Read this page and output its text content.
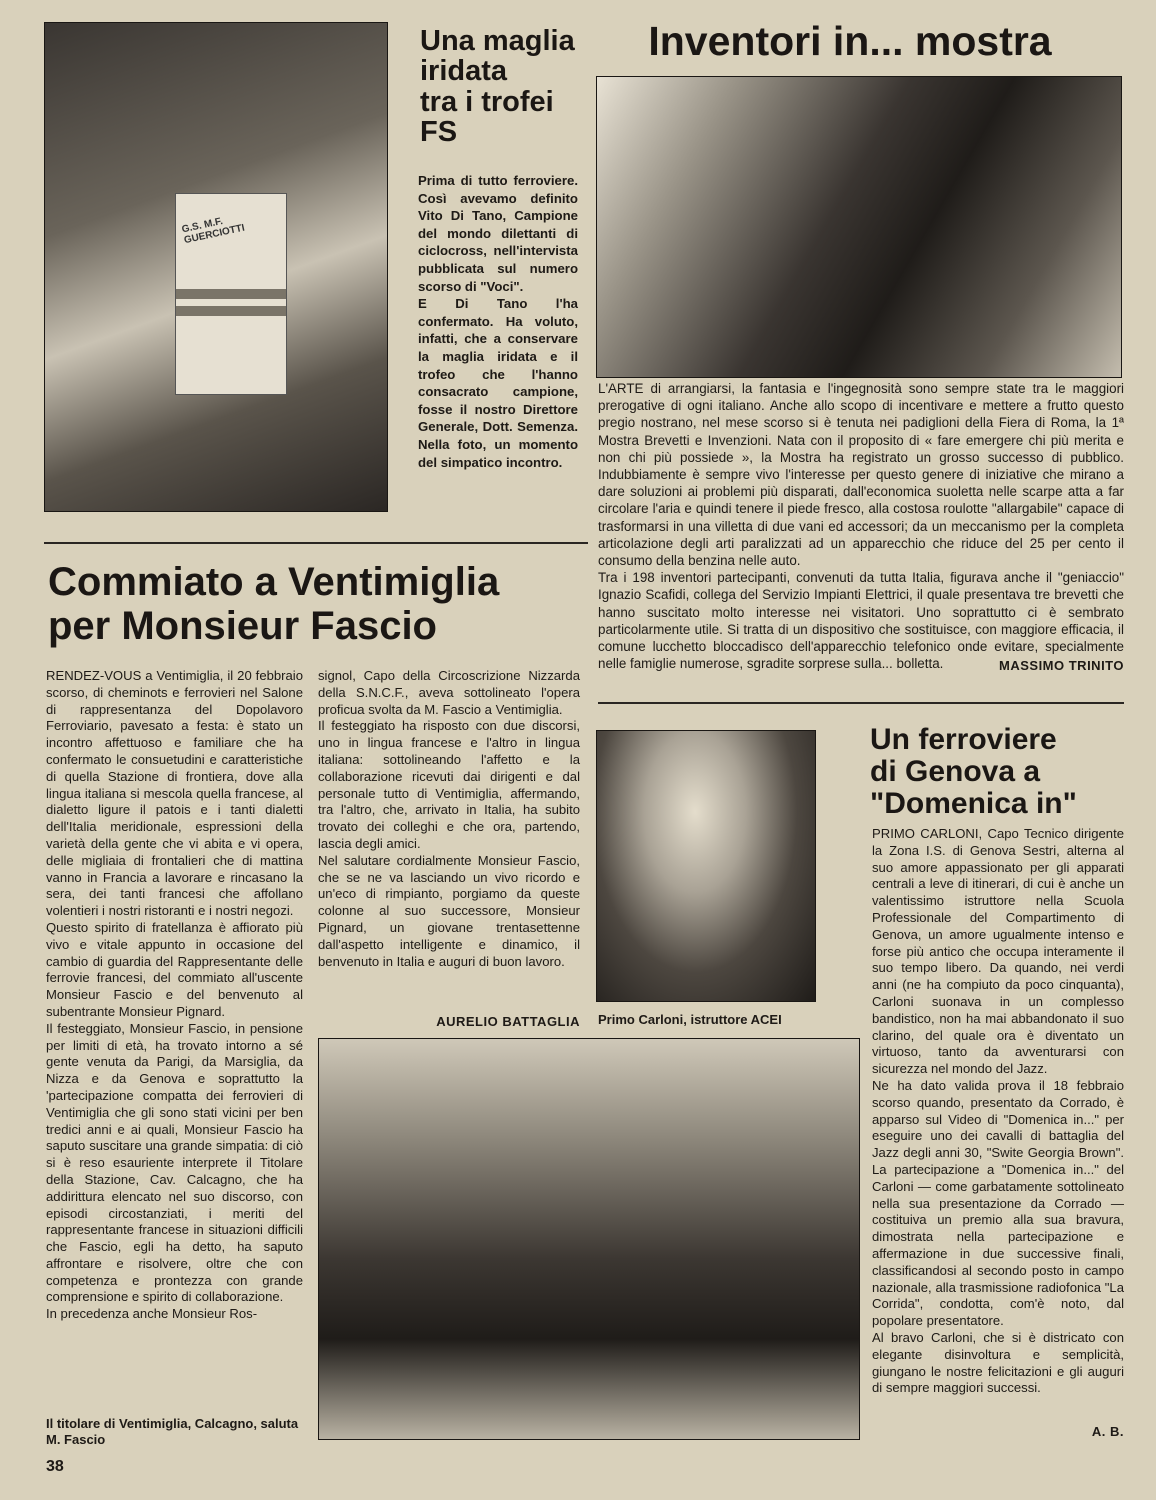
G.S. M.F. GUERCIOTTI
Una maglia
iridata
tra i trofei
FS

Prima di tutto ferroviere. Così avevamo definito Vito Di Tano, Campione del mondo dilettanti di ciclocross, nell'intervista pubblicata sul numero scorso di "Voci".

E Di Tano l'ha confermato. Ha voluto, infatti, che a conservare la maglia iridata e il trofeo che l'hanno consacrato campione, fosse il nostro Direttore Generale, Dott. Semenza. Nella foto, un momento del simpatico incontro.

Inventori in... mostra

L'ARTE di arrangiarsi, la fantasia e l'ingegnosità sono sempre state tra le maggiori prerogative di ogni italiano. Anche allo scopo di incentivare e mettere a frutto questo pregio nostrano, nel mese scorso si è tenuta nei padiglioni della Fiera di Roma, la 1ª Mostra Brevetti e Invenzioni. Nata con il proposito di « fare emergere chi più merita e non chi più possiede », la Mostra ha registrato un grosso successo di pubblico. Indubbiamente è sempre vivo l'interesse per questo genere di iniziative che mirano a dare soluzioni ai problemi più disparati, dall'economica suoletta nelle scarpe atta a far circolare l'aria e quindi tenere il piede fresco, alla costosa roulotte "allargabile" capace di trasformarsi in una villetta di due vani ed accessori; da un meccanismo per la completa articolazione degli arti paralizzati ad un apparecchio che riduce del 25 per cento il consumo della benzina nelle auto.

Tra i 198 inventori partecipanti, convenuti da tutta Italia, figurava anche il "geniaccio" Ignazio Scafidi, collega del Servizio Impianti Elettrici, il quale presentava tre brevetti che hanno suscitato molto interesse nei visitatori. Uno soprattutto ci è sembrato particolarmente utile. Si tratta di un dispositivo che sostituisce, con maggiore efficacia, il comune lucchetto bloccadisco dell'apparecchio telefonico onde evitare, specialmente nelle famiglie numerose, sgradite sorprese sulla... bolletta.	MASSIMO TRINITO
Commiato a Ventimiglia
per Monsieur Fascio

RENDEZ-VOUS a Ventimiglia, il 20 febbraio scorso, di cheminots e ferrovieri nel Salone di rappresentanza del Dopolavoro Ferroviario, pavesato a festa: è stato un incontro affettuoso e familiare che ha confermato le consuetudini e caratteristiche di quella Stazione di frontiera, dove alla lingua italiana si mescola quella francese, al dialetto ligure il patois e i tanti dialetti dell'Italia meridionale, espressioni della varietà della gente che vi abita e vi opera, delle migliaia di frontalieri che di mattina vanno in Francia a lavorare e rincasano la sera, dei tanti francesi che affollano volentieri i nostri ristoranti e i nostri negozi.

Questo spirito di fratellanza è affiorato più vivo e vitale appunto in occasione del cambio di guardia del Rappresentante delle ferrovie francesi, del commiato all'uscente Monsieur Fascio e del benvenuto al subentrante Monsieur Pignard.

Il festeggiato, Monsieur Fascio, in pensione per limiti di età, ha trovato intorno a sé gente venuta da Parigi, da Marsiglia, da Nizza e da Genova e soprattutto la 'partecipazione compatta dei ferrovieri di Ventimiglia che gli sono stati vicini per ben tredici anni e ai quali, Monsieur Fascio ha saputo suscitare una grande simpatia: di ciò si è reso esauriente interprete il Titolare della Stazione, Cav. Calcagno, che ha addirittura elencato nel suo discorso, con episodi circostanziati, i meriti del rappresentante francese in situazioni difficili che Fascio, egli ha detto, ha saputo affrontare e risolvere, oltre che con competenza e prontezza con grande comprensione e spirito di collaborazione.

In precedenza anche Monsieur Ros-

signol, Capo della Circoscrizione Nizzarda della S.N.C.F., aveva sottolineato l'opera proficua svolta da M. Fascio a Ventimiglia.

Il festeggiato ha risposto con due discorsi, uno in lingua francese e l'altro in lingua italiana: sottolineando l'affetto e la collaborazione ricevuti dai dirigenti e dal personale tutto di Ventimiglia, affermando, tra l'altro, che, arrivato in Italia, ha subito trovato dei colleghi e che ora, partendo, lascia degli amici.

Nel salutare cordialmente Monsieur Fascio, che se ne va lasciando un vivo ricordo e un'eco di rimpianto, porgiamo da queste colonne al suo successore, Monsieur Pignard, un giovane trentasettenne dall'aspetto intelligente e dinamico, il benvenuto in Italia e auguri di buon lavoro.

AURELIO BATTAGLIA Primo Carloni, istruttore ACEI
Un ferroviere
di Genova a
"Domenica in"

PRIMO CARLONI, Capo Tecnico dirigente la Zona I.S. di Genova Sestri, alterna al suo amore appassionato per gli apparati centrali a leve di itinerari, di cui è anche un valentissimo istruttore nella Scuola Professionale del Compartimento di Genova, un amore ugualmente intenso e forse più antico che occupa interamente il suo tempo libero. Da quando, nei verdi anni (ne ha compiuto da poco cinquanta), Carloni suonava in un complesso bandistico, non ha mai abbandonato il suo clarino, del quale ora è diventato un virtuoso, tanto da avventurarsi con sicurezza nel mondo del Jazz.

Ne ha dato valida prova il 18 febbraio scorso quando, presentato da Corrado, è apparso sul Video di "Domenica in..." per eseguire uno dei cavalli di battaglia del Jazz degli anni 30, "Swite Georgia Brown". La partecipazione a "Domenica in..." del Carloni — come garbatamente sottolineato nella sua presentazione da Corrado — costituiva un premio alla sua bravura, dimostrata nella partecipazione e affermazione in due successive finali, classificandosi al secondo posto in campo nazionale, alla trasmissione radiofonica "La Corrida", condotta, com'è noto, dal popolare presentatore.

Al bravo Carloni, che si è districato con elegante disinvoltura e semplicità, giungano le nostre felicitazioni e gli auguri di sempre maggiori successi.

A. B.
Il titolare di Ventimiglia, Calcagno, saluta M. Fascio
38
